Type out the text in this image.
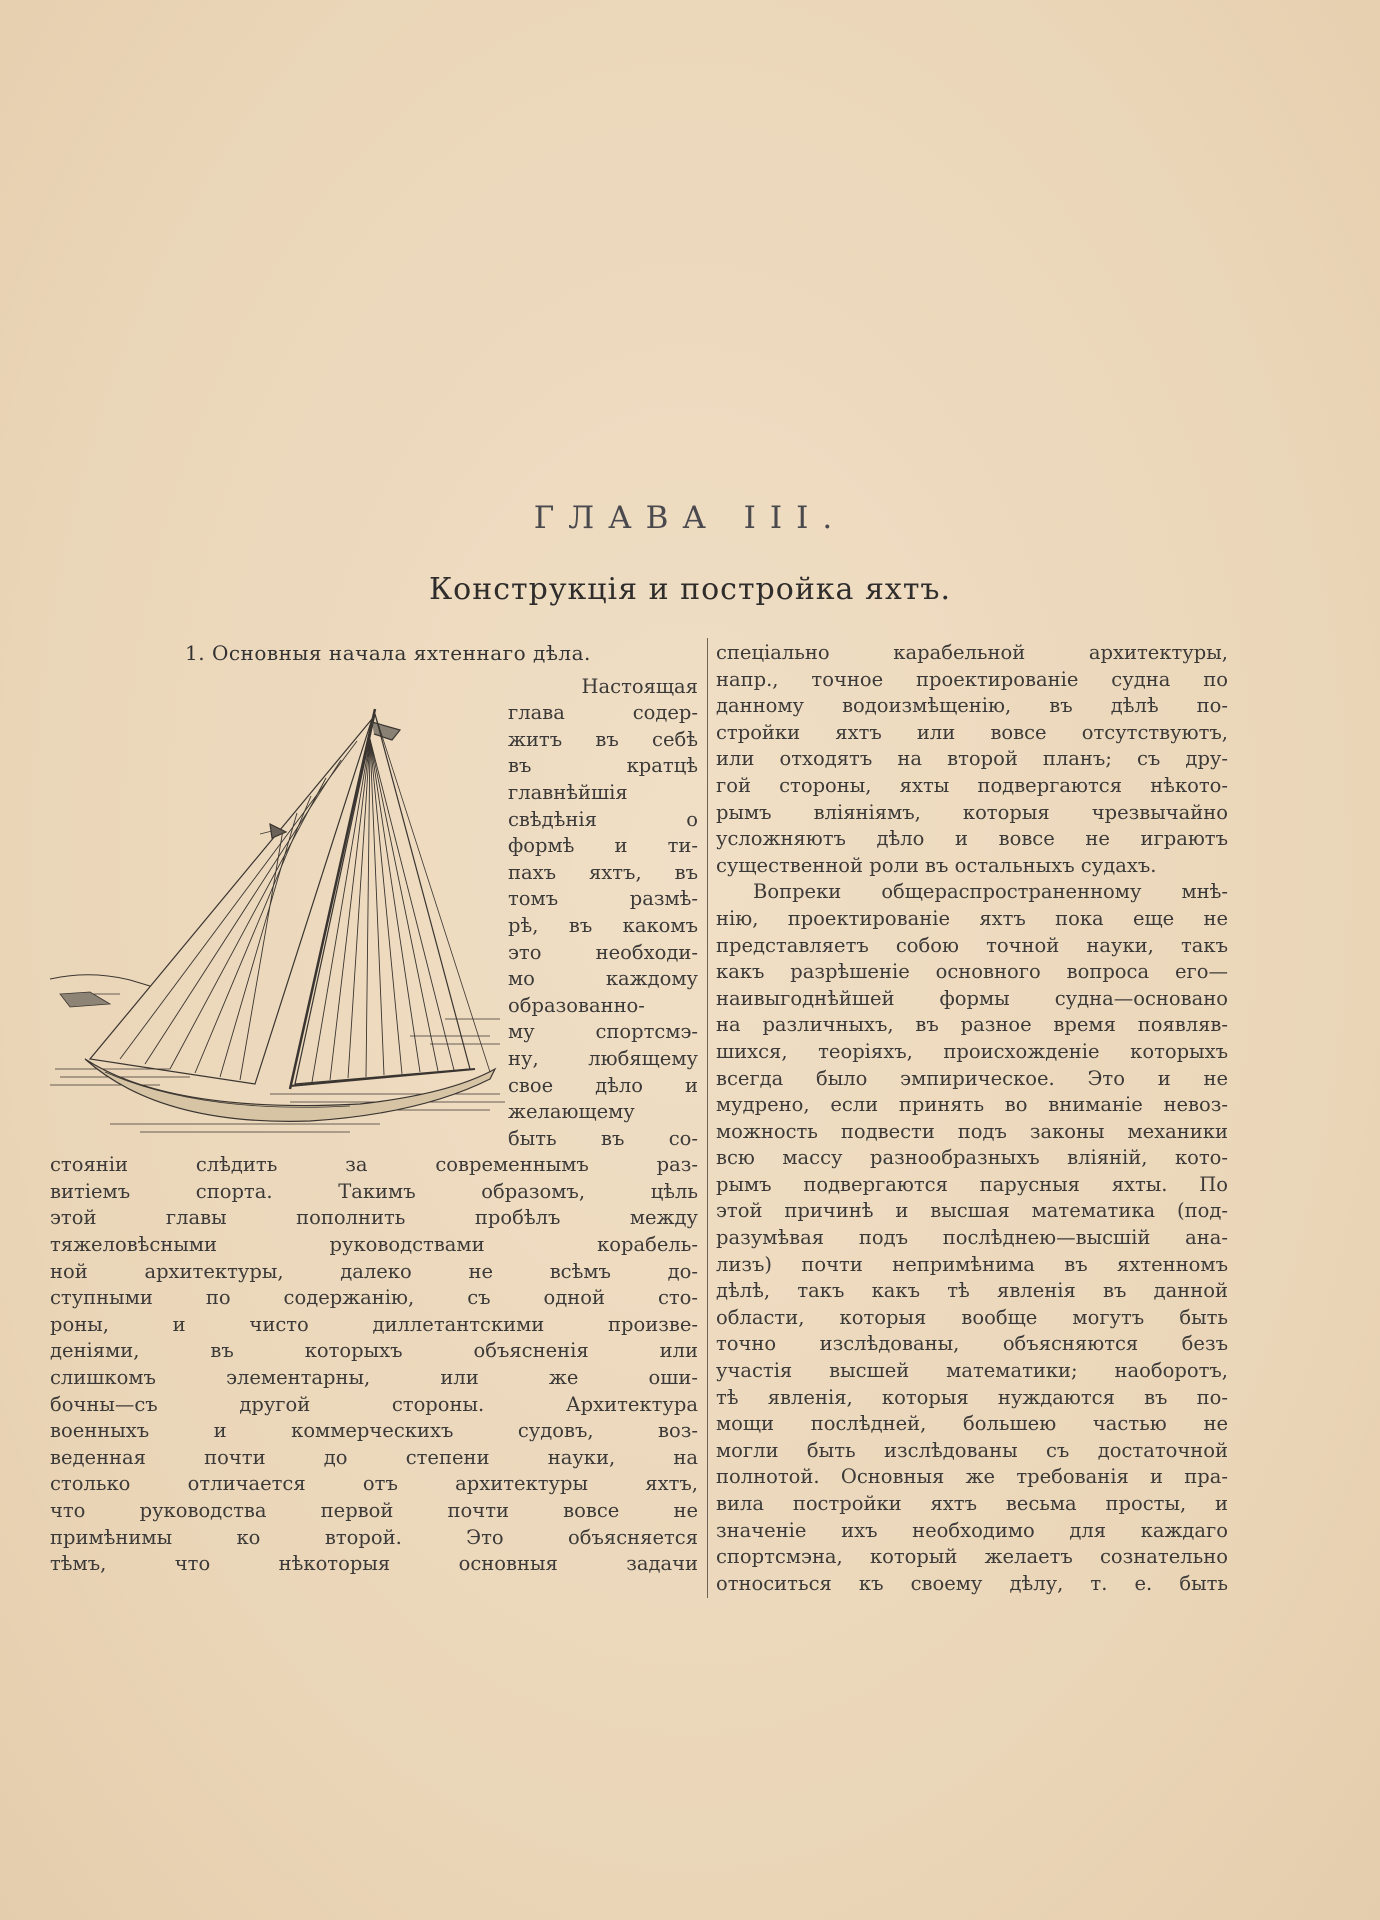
ГЛАВА III.
Конструкція и постройка яхтъ.
1. Основныя начала яхтеннаго дѣла.
Настоящая
глава содер-
житъ въ себѣ
въ кратцѣ
главнѣйшія
свѣдѣнія о
формѣ и ти-
пахъ яхтъ, въ
томъ размѣ-
рѣ, въ какомъ
это необходи-
мо каждому
образованно-
му спортсмэ-
ну, любящему
свое дѣло и
желающему
быть въ со-
стояніи слѣдить за современнымъ раз-
витіемъ спорта. Такимъ образомъ, цѣль
этой главы пополнить пробѣлъ между
тяжеловѣсными руководствами корабель-
ной архитектуры, далеко не всѣмъ до-
ступными по содержанію, съ одной сто-
роны, и чисто диллетантскими произве-
деніями, въ которыхъ объясненія или
слишкомъ элементарны, или же оши-
бочны—съ другой стороны. Архитектура
военныхъ и коммерческихъ судовъ, воз-
веденная почти до степени науки, на
столько отличается отъ архитектуры яхтъ,
что руководства первой почти вовсе не
примѣнимы ко второй. Это объясняется
тѣмъ, что нѣкоторыя основныя задачи
спеціально карабельной архитектуры,
напр., точное проектированіе судна по
данному водоизмѣщенію, въ дѣлѣ по-
стройки яхтъ или вовсе отсутствуютъ,
или отходятъ на второй планъ; съ дру-
гой стороны, яхты подвергаются нѣкото-
рымъ вліяніямъ, которыя чрезвычайно
усложняютъ дѣло и вовсе не играютъ
существенной роли въ остальныхъ судахъ.
Вопреки общераспространенному мнѣ-
нію, проектированіе яхтъ пока еще не
представляетъ собою точной науки, такъ
какъ разрѣшеніе основного вопроса его—
наивыгоднѣйшей формы судна—основано
на различныхъ, въ разное время появляв-
шихся, теоріяхъ, происхожденіе которыхъ
всегда было эмпирическое. Это и не
мудрено, если принять во вниманіе невоз-
можность подвести подъ законы механики
всю массу разнообразныхъ вліяній, кото-
рымъ подвергаются парусныя яхты. По
этой причинѣ и высшая математика (под-
разумѣвая подъ послѣднею—высшій ана-
лизъ) почти непримѣнима въ яхтенномъ
дѣлѣ, такъ какъ тѣ явленія въ данной
области, которыя вообще могутъ быть
точно изслѣдованы, объясняются безъ
участія высшей математики; наоборотъ,
тѣ явленія, которыя нуждаются въ по-
мощи послѣдней, большею частью не
могли быть изслѣдованы съ достаточной
полнотой. Основныя же требованія и пра-
вила постройки яхтъ весьма просты, и
значеніе ихъ необходимо для каждаго
спортсмэна, который желаетъ сознательно
относиться къ своему дѣлу, т. е. быть
